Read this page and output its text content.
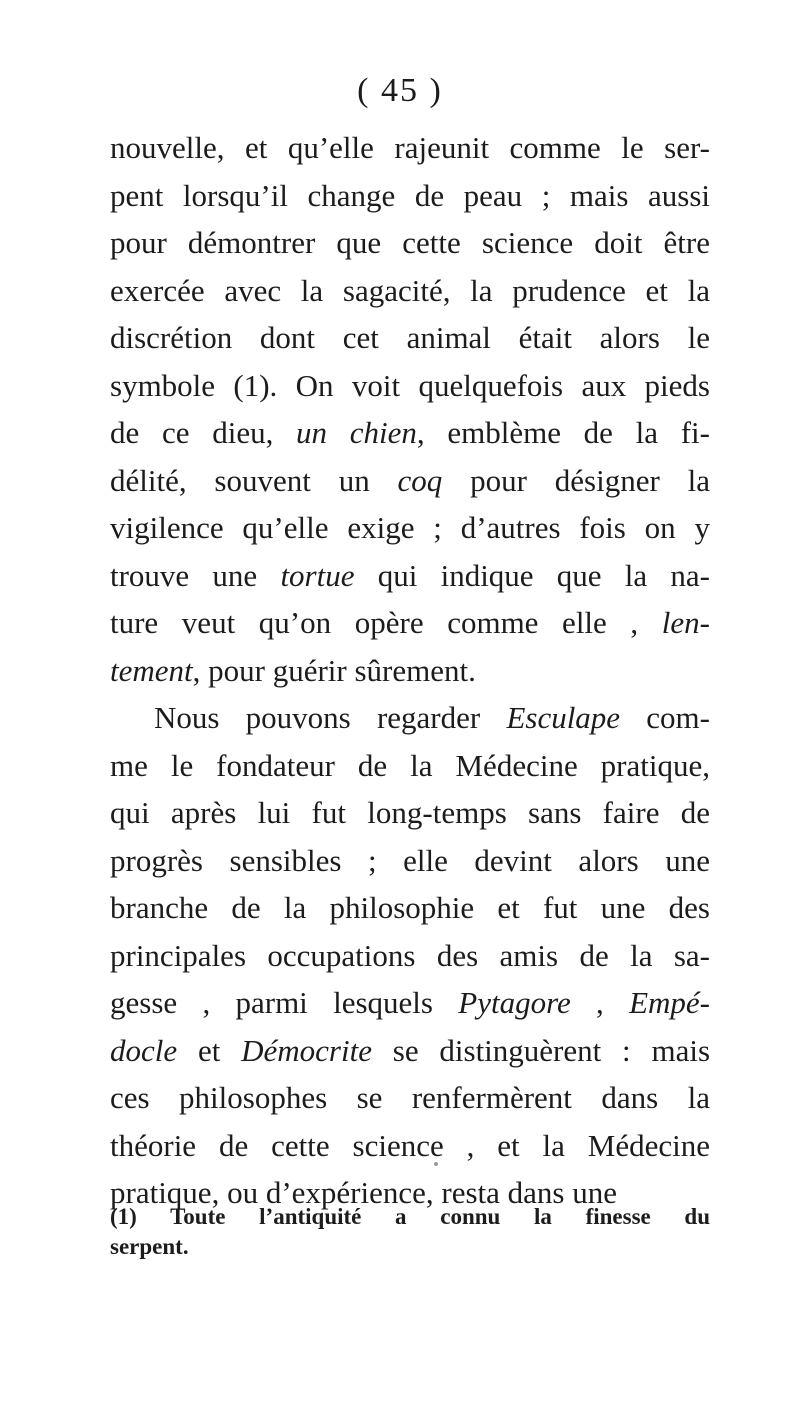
( 45 )
nouvelle, et qu’elle rajeunit comme le ser-
pent lorsqu’il change de peau ; mais aussi
pour démontrer que cette science doit être
exercée avec la sagacité, la prudence et la
discrétion dont cet animal était alors le
symbole (1). On voit quelquefois aux pieds
de ce dieu, un chien, emblème de la fi-
délité, souvent un coq pour désigner la
vigilence qu’elle exige ; d’autres fois on y
trouve une tortue qui indique que la na-
ture veut qu’on opère comme elle , len-
tement, pour guérir sûrement.
Nous pouvons regarder Esculape com-
me le fondateur de la Médecine pratique,
qui après lui fut long-temps sans faire de
progrès sensibles ; elle devint alors une
branche de la philosophie et fut une des
principales occupations des amis de la sa-
gesse , parmi lesquels Pytagore , Empé-
docle et Démocrite se distinguèrent : mais
ces philosophes se renfermèrent dans la
théorie de cette science , et la Médecine
pratique, ou d’expérience, resta dans une
(1) Toute l’antiquité a connu la finesse du
serpent.
